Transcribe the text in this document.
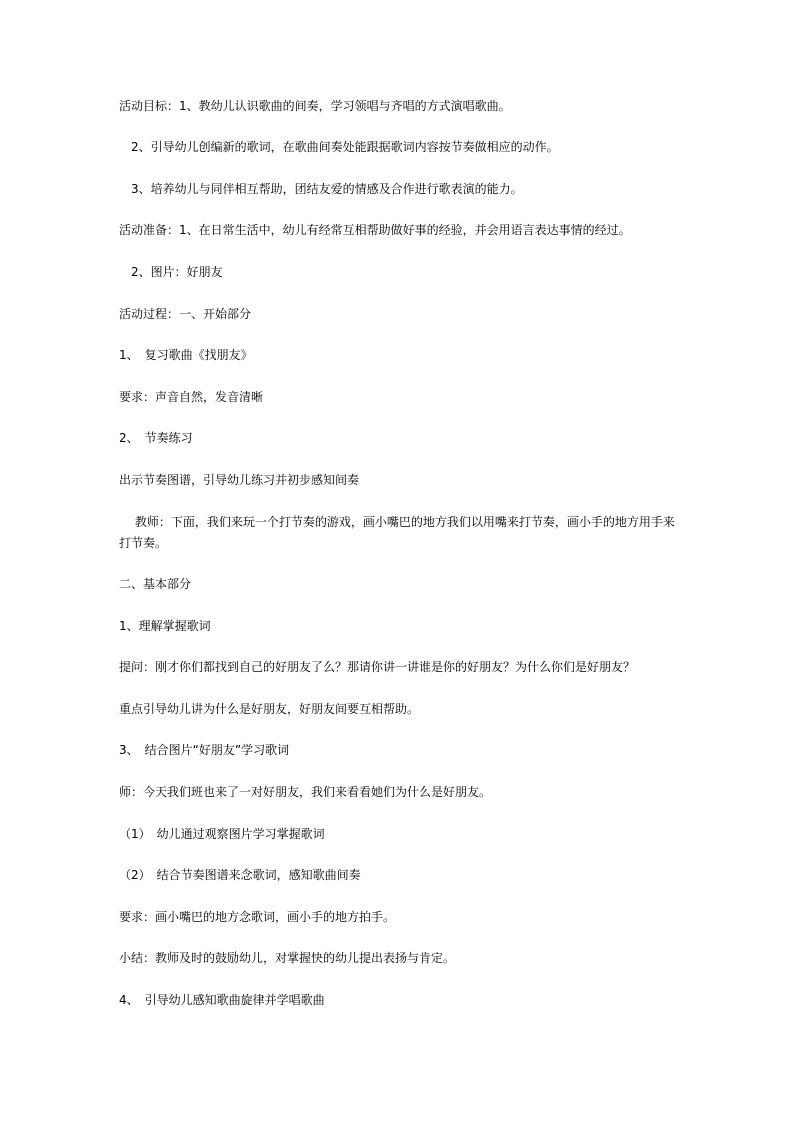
活动目标：1、教幼儿认识歌曲的间奏，学习领唱与齐唱的方式演唱歌曲。
　2、引导幼儿创编新的歌词，在歌曲间奏处能跟据歌词内容按节奏做相应的动作。
　3、培养幼儿与同伴相互帮助，团结友爱的情感及合作进行歌表演的能力。
活动准备：1、在日常生活中，幼儿有经常互相帮助做好事的经验，并会用语言表达事情的经过。
　2、图片：好朋友
活动过程：一、开始部分
1、　复习歌曲《找朋友》
要求：声音自然，发音清晰
2、　节奏练习
出示节奏图谱，引导幼儿练习并初步感知间奏
　 教师：下面，我们来玩一个打节奏的游戏，画小嘴巴的地方我们以用嘴来打节奏，画小手的地方用手来打节奏。
二、基本部分
1、理解掌握歌词
提问：刚才你们都找到自己的好朋友了么？那请你讲一讲谁是你的好朋友？为什么你们是好朋友？
重点引导幼儿讲为什么是好朋友，好朋友间要互相帮助。
3、　结合图片“好朋友”学习歌词
师：今天我们班也来了一对好朋友，我们来看看她们为什么是好朋友。
（1）　幼儿通过观察图片学习掌握歌词
（2）　结合节奏图谱来念歌词，感知歌曲间奏
要求：画小嘴巴的地方念歌词，画小手的地方拍手。
小结：教师及时的鼓励幼儿，对掌握快的幼儿提出表扬与肯定。
4、　引导幼儿感知歌曲旋律并学唱歌曲
